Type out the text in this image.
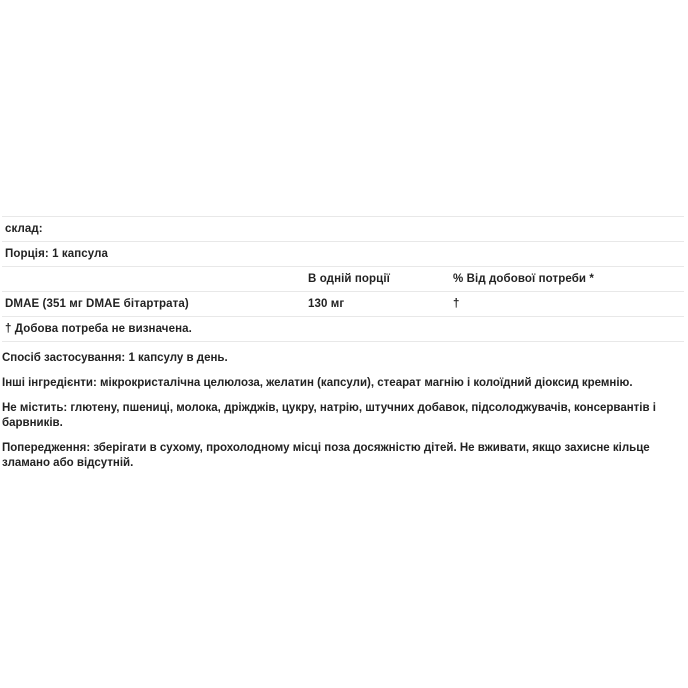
склад:		
Порція: 1 капсула		
	В одній порції	% Від добової потреби *
DMAE (351 мг DMAE бітартрата)	130 мг	†
† Добова потреба не визначена.		

Спосіб застосування: 1 капсулу в день.

Інші інгредієнти: мікрокристалічна целюлоза, желатин (капсули), стеарат магнію і колоїдний діоксид кремнію.

Не містить: глютену, пшениці, молока, дріжджів, цукру, натрію, штучних добавок, підсолоджувачів, консервантів і барвників.

Попередження: зберігати в сухому, прохолодному місці поза досяжністю дітей. Не вживати, якщо захисне кільце зламано або відсутній.
